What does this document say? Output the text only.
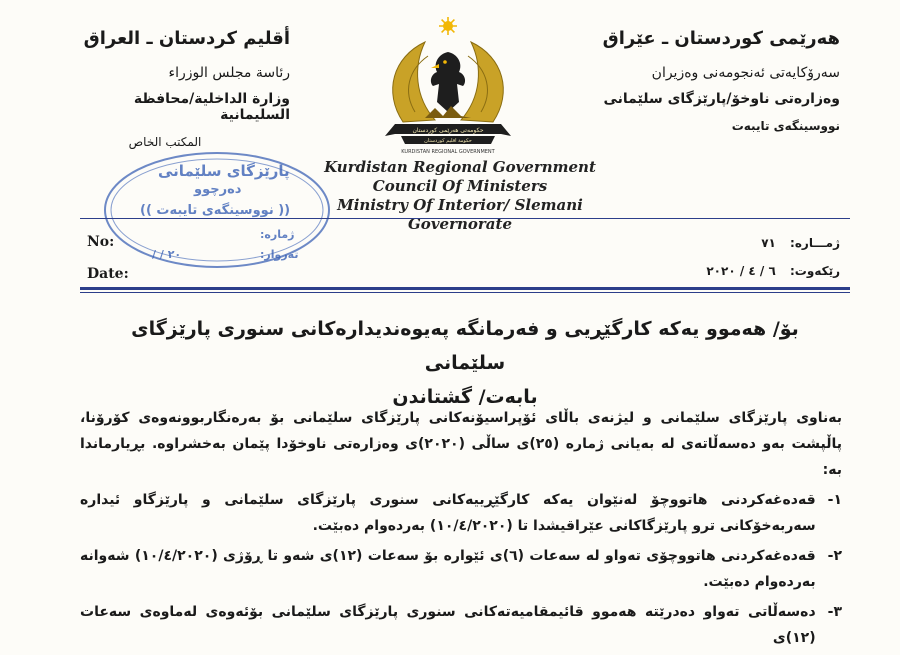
هەرێمی کوردستان ـ عێراق
سەرۆکایەتی ئەنجومەنی وەزیران
وەزارەتی ناوخۆ/پارێزگای سلێمانی
نووسینگەی تایبەت
أقليم كردستان ـ العراق
رئاسة مجلس الوزراء
وزارة الداخلية/محافظة السليمانية
المكتب الخاص
حکومەتی هەرێمی کوردستان
حكومة اقليم كوردستان
KURDISTAN REGIONAL GOVERNMENT
Kurdistan Regional Government
Council Of Ministers
Ministry Of Interior/ Slemani Governorate
پارێزگای سلێمانی
دەرچوو
(( نووسینگەی تایبەت ))
ژمارە:
تەروار:
٢٠ / /
No:
Date:
ژمـــارە: ٧١
رێکەوت: ٦ / ٤ / ٢٠٢٠
بۆ/ هەموو یەکە کارگێڕیی و فەرمانگە پەیوەندیدارەکانی سنوری پارێزگای سلێمانی
بابەت/ گشتاندن

بەناوی پارێزگای سلێمانی و لیژنەی باڵای ئۆپراسیۆنەکانی پارێزگای سلێمانی بۆ بەرەنگاربوونەوەی کۆرۆنا، پاڵپشت بەو دەسەڵاتەی لە بەیانی ژمارە (٢٥)ی ساڵی (٢٠٢٠)ی وەزارەتی ناوخۆدا پێمان بەخشراوە. بڕیارماندا بە:

١-
قەدەغەکردنی هاتووچۆ لەنێوان یەکە کارگێڕییەکانی سنوری پارێزگای سلێمانی و پارێزگاو ئیدارە سەربەخۆکانی ترو پارێزگاکانی عێراقیشدا تا (١٠/٤/٢٠٢٠) بەردەوام دەبێت.
٢-
قەدەغەکردنی هاتووچۆی تەواو لە سەعات (٦)ی ئێوارە بۆ سەعات (١٢)ی شەو تا ڕۆژی (١٠/٤/٢٠٢٠) شەوانە بەردەوام دەبێت.
٣-
دەسەڵاتی تەواو دەدرێتە هەموو قائیمقامیەتەکانی سنوری پارێزگای سلێمانی بۆئەوەی لەماوەی سەعات (١٢)ی
